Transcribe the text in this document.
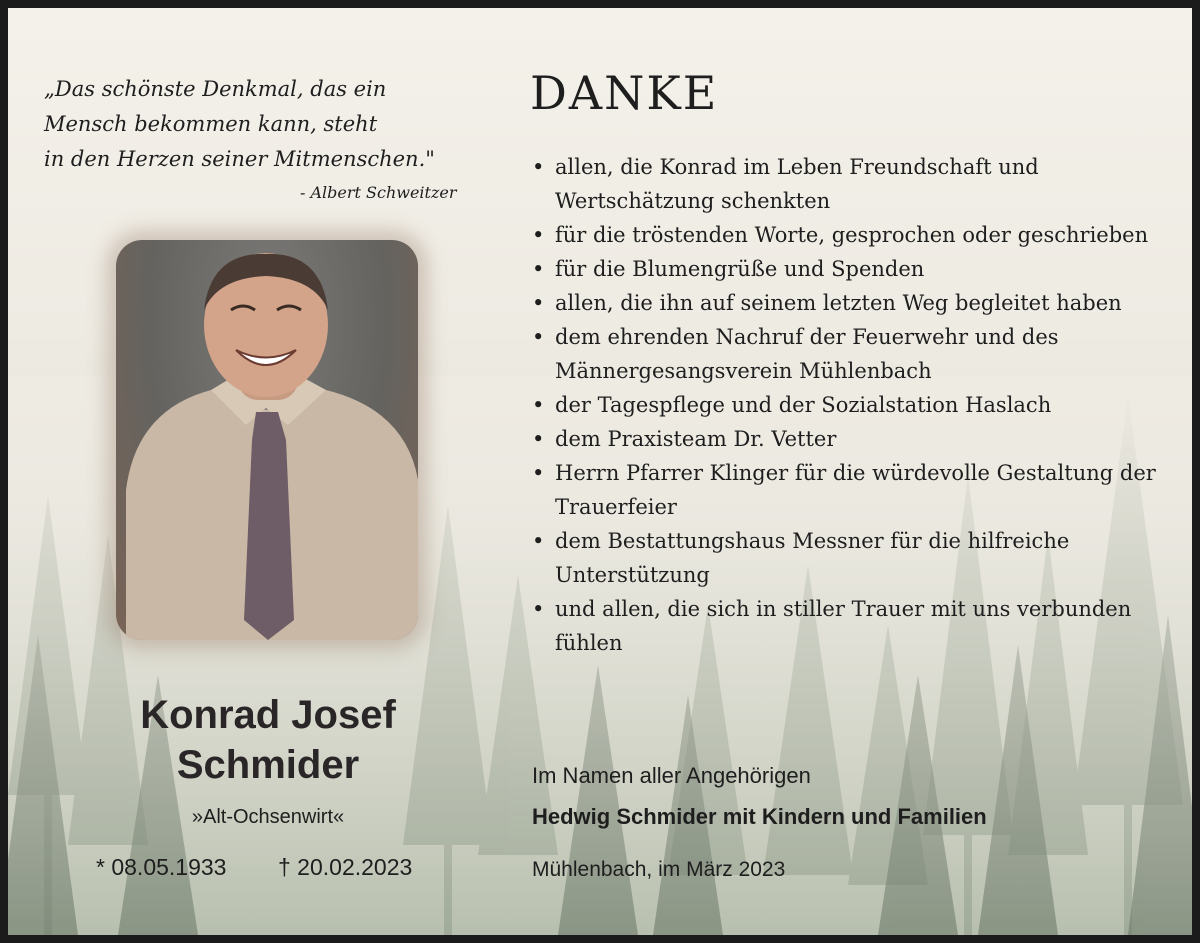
„Das schönste Denkmal, das ein

Mensch bekommen kann, steht

in den Herzen seiner Mitmenschen."

- Albert Schweitzer
Konrad Josef
Schmider
»Alt-Ochsenwirt«
* 08.05.1933 † 20.02.2023
DANKE
• allen, die Konrad im Leben Freundschaft und Wertschätzung schenkten
• für die tröstenden Worte, gesprochen oder geschrieben
• für die Blumengrüße und Spenden
• allen, die ihn auf seinem letzten Weg begleitet haben
• dem ehrenden Nachruf der Feuerwehr und des Männergesangsverein Mühlenbach
• der Tagespflege und der Sozialstation Haslach
• dem Praxisteam Dr. Vetter
• Herrn Pfarrer Klinger für die würdevolle Gestaltung der Trauerfeier
• dem Bestattungshaus Messner für die hilfreiche Unterstützung
• und allen, die sich in stiller Trauer mit uns verbunden fühlen
Im Namen aller Angehörigen
Hedwig Schmider mit Kindern und Familien
Mühlenbach, im März 2023
